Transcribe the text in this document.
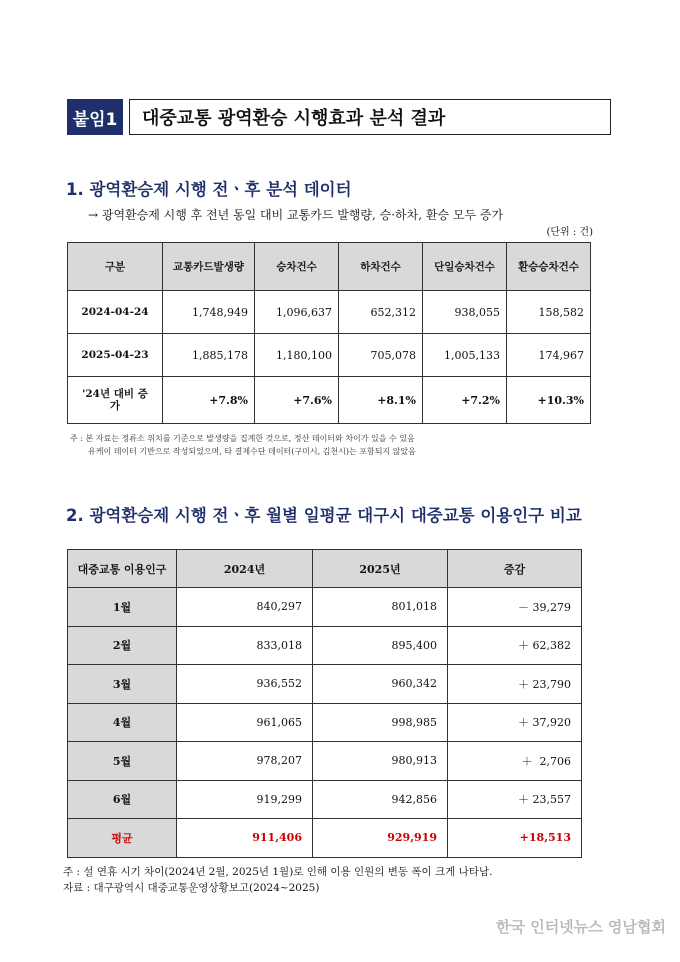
붙임1	대중교통 광역환승 시행효과 분석 결과
1. 광역환승제 시행 전ㆍ후 분석 데이터
→ 광역환승제 시행 후 전년 동일 대비 교통카드 발행량, 승·하차, 환승 모두 증가
(단위 : 건)
구분	교통카드발생량	승차건수	하차건수	단일승차건수	환승승차건수
2024-04-24	1,748,949	1,096,637	652,312	938,055	158,582
2025-04-23	1,885,178	1,180,100	705,078	1,005,133	174,967
'24년 대비 증가	+7.8%	+7.6%	+8.1%	+7.2%	+10.3%
주 : 본 자료는 정류소 위치를 기준으로 발생량을 집계한 것으로, 정산 데이터와 차이가 있을 수 있음
유케이 데이터 기반으로 작성되었으며, 타 결제수단 데이터(구미시, 김천시)는 포함되지 않았음
2. 광역환승제 시행 전ㆍ후 월별 일평균 대구시 대중교통 이용인구 비교
대중교통 이용인구	2024년	2025년	증감
1월	840,297	801,018	－ 39,279
2월	833,018	895,400	＋ 62,382
3월	936,552	960,342	＋ 23,790
4월	961,065	998,985	＋ 37,920
5월	978,207	980,913	＋  2,706
6월	919,299	942,856	＋ 23,557
평균	911,406	929,919	+18,513
주 : 설 연휴 시기 차이(2024년 2월, 2025년 1월)로 인해 이용 인원의 변동 폭이 크게 나타남.
자료 : 대구광역시 대중교통운영상황보고(2024~2025)
한국 인터넷뉴스 영남협회
